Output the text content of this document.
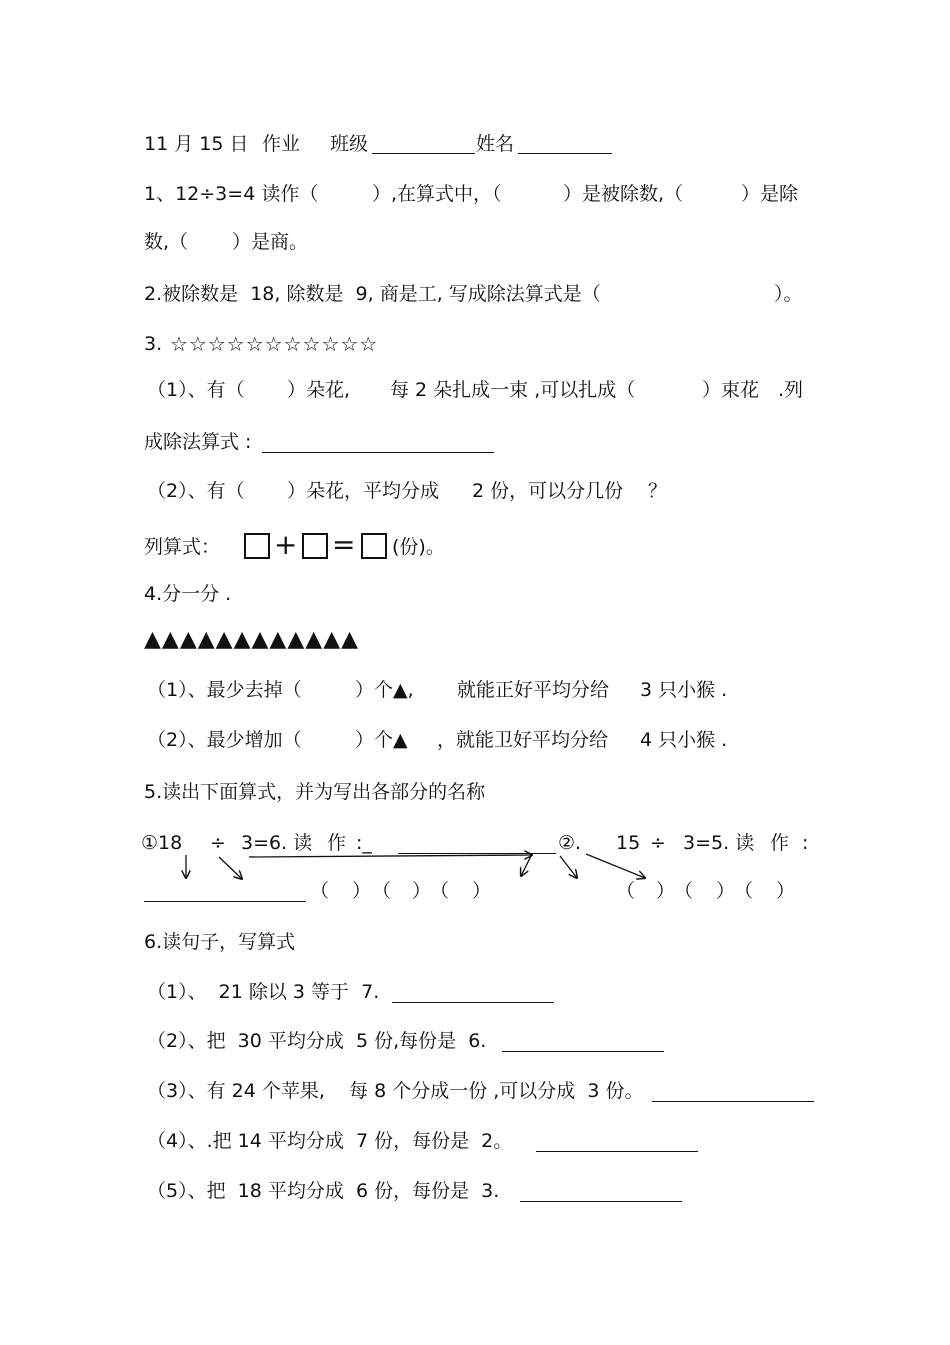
11 月 15 日

作业

班级

	姓名

1、12÷3=4 读作（

	）,在算式中，（

	）是被除数,（

	）是除

数,（

）是商。

2.被除数是  18, 除数是  9, 商是工, 写成除法算式是（

	）。

3.

☆☆☆☆☆☆☆☆☆☆☆

（1）、有（

）朵花,

每 2 朵扎成一束 ,可以扎成（

	）束花

.列

成除法算式 :

（2）、有（

）朵花，平均分成

2 份，可以分几份

？

列算式：

+

=

(份)。

4.分一分 .

▲▲▲▲▲▲▲▲▲▲▲▲

（1）、最少去掉（

	）个▲,

就能正好平均分给

3 只小猴 .

（2）、最少增加（

	）个▲

，就能卫好平均分给

4 只小猴 .

5.读出下面算式，并为写出各部分的名称

①18

÷

3=6. 读

作

:_

	②.

15

÷

3=5. 读

作

:

（

）

（

）

（

）

	（

）

（

）

（

）

6.读句子，写算式

（1）、  21 除以 3 等于  7.

（2）、把  30 平均分成  5 份,每份是  6.

（3）、有 24 个苹果,    每 8 个分成一份 ,可以分成  3 份。

（4）、.把 14 平均分成  7 份，每份是  2。

（5）、把  18 平均分成  6 份，每份是  3.
